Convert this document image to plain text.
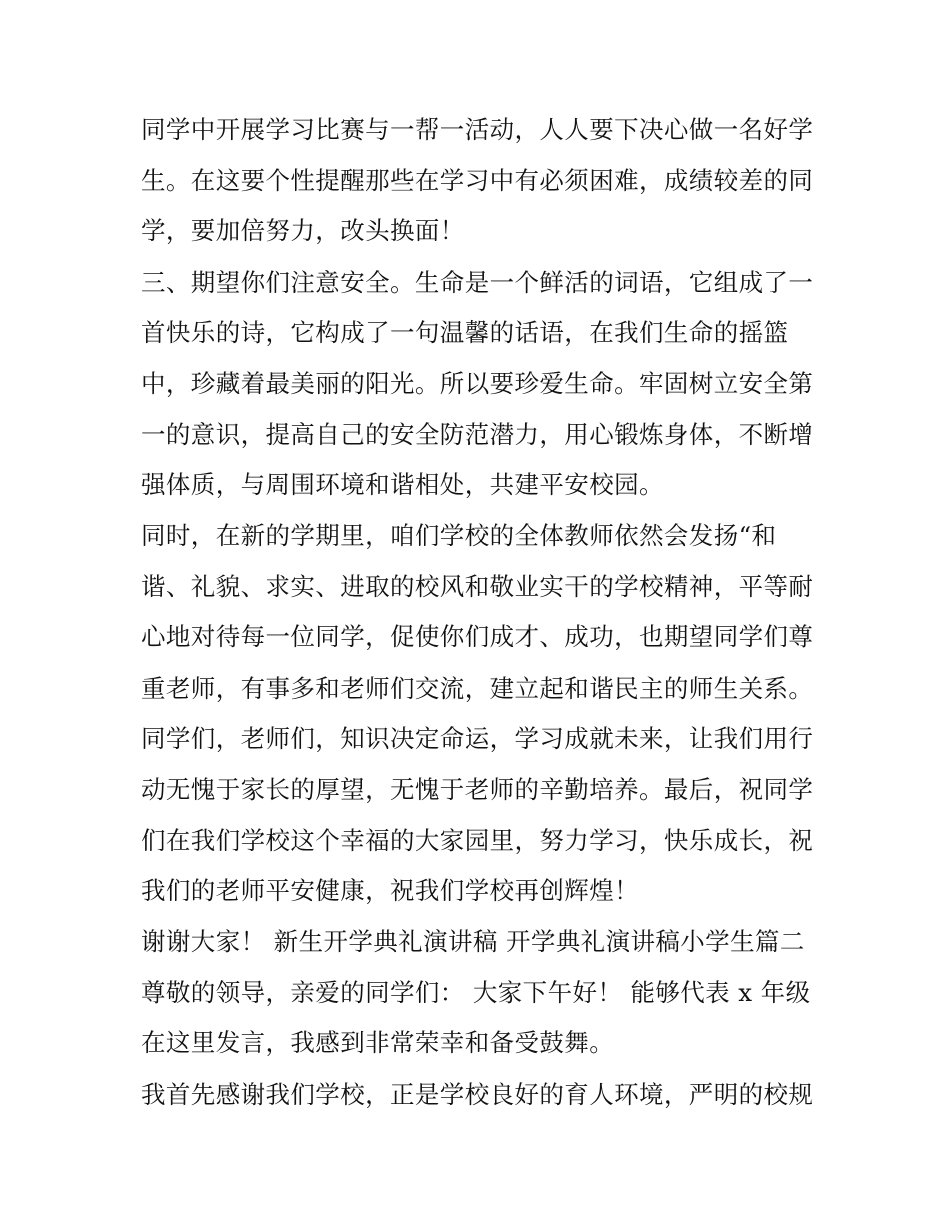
同学中开展学习比赛与一帮一活动，人人要下决心做一名好学
生。在这要个性提醒那些在学习中有必须困难，成绩较差的同
学，要加倍努力，改头换面！
三、期望你们注意安全。生命是一个鲜活的词语，它组成了一
首快乐的诗，它构成了一句温馨的话语，在我们生命的摇篮
中，珍藏着最美丽的阳光。所以要珍爱生命。牢固树立安全第
一的意识，提高自己的安全防范潜力，用心锻炼身体，不断增
强体质，与周围环境和谐相处，共建平安校园。
同时，在新的学期里，咱们学校的全体教师依然会发扬“和
谐、礼貌、求实、进取的校风和敬业实干的学校精神，平等耐
心地对待每一位同学，促使你们成才、成功，也期望同学们尊
重老师，有事多和老师们交流，建立起和谐民主的师生关系。
同学们，老师们，知识决定命运，学习成就未来，让我们用行
动无愧于家长的厚望，无愧于老师的辛勤培养。最后，祝同学
们在我们学校这个幸福的大家园里，努力学习，快乐成长，祝
我们的老师平安健康，祝我们学校再创辉煌！
谢谢大家！ 新生开学典礼演讲稿 开学典礼演讲稿小学生篇二
尊敬的领导，亲爱的同学们： 大家下午好！ 能够代表 x 年级
在这里发言，我感到非常荣幸和备受鼓舞。
我首先感谢我们学校，正是学校良好的育人环境，严明的校规
